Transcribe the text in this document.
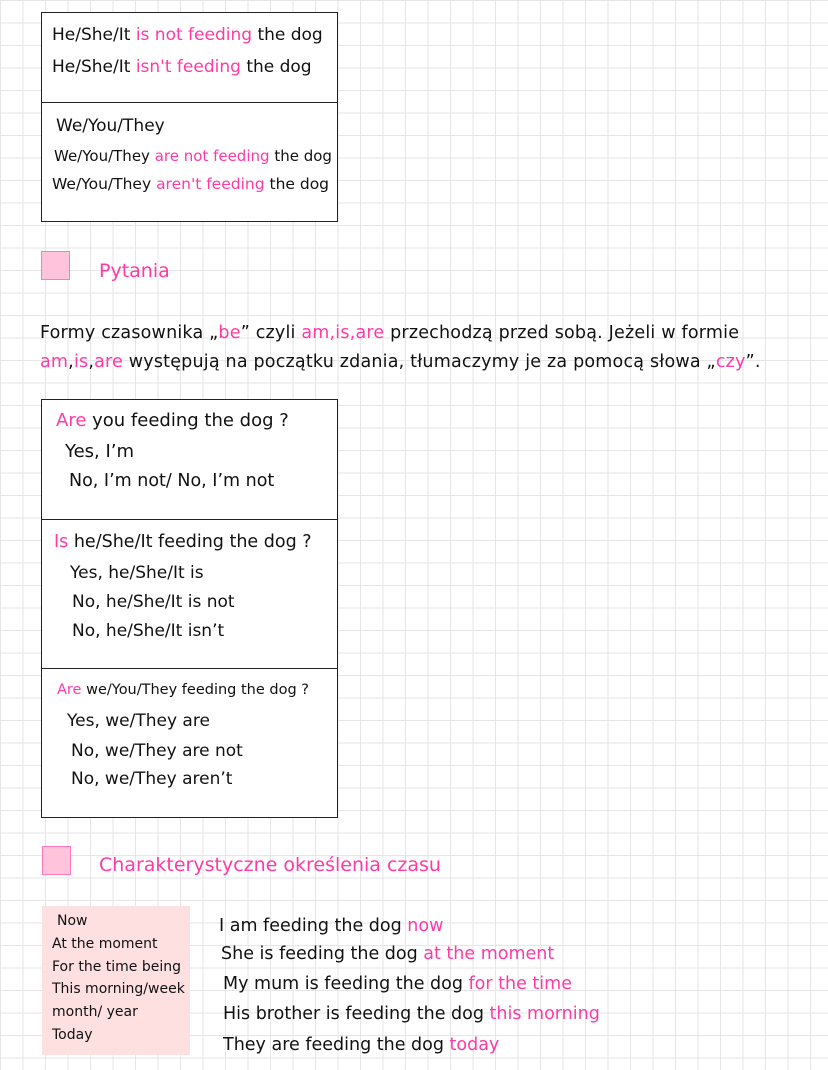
He/She/It is not feeding the dog
He/She/It isn't feeding the dog
We/You/They
We/You/They are not feeding the dog
We/You/They aren't feeding the dog
Pytania
Formy czasownika „be” czyli am,is,are przechodzą przed sobą. Jeżeli w formie
am,is,are występują na początku zdania, tłumaczymy je za pomocą słowa „czy”.
Are you feeding the dog ?
Yes, I’m
No, I’m not/ No, I’m not
Is he/She/It feeding the dog ?
Yes, he/She/It is
No, he/She/It is not
No, he/She/It isn’t
Are we/You/They feeding the dog ?
Yes, we/They are
No, we/They are not
No, we/They aren’t
Charakterystyczne określenia czasu
Now
At the moment
For the time being
This morning/week
month/ year
Today
I am feeding the dog now
She is feeding the dog at the moment
My mum is feeding the dog for the time
His brother is feeding the dog this morning
They are feeding the dog today
